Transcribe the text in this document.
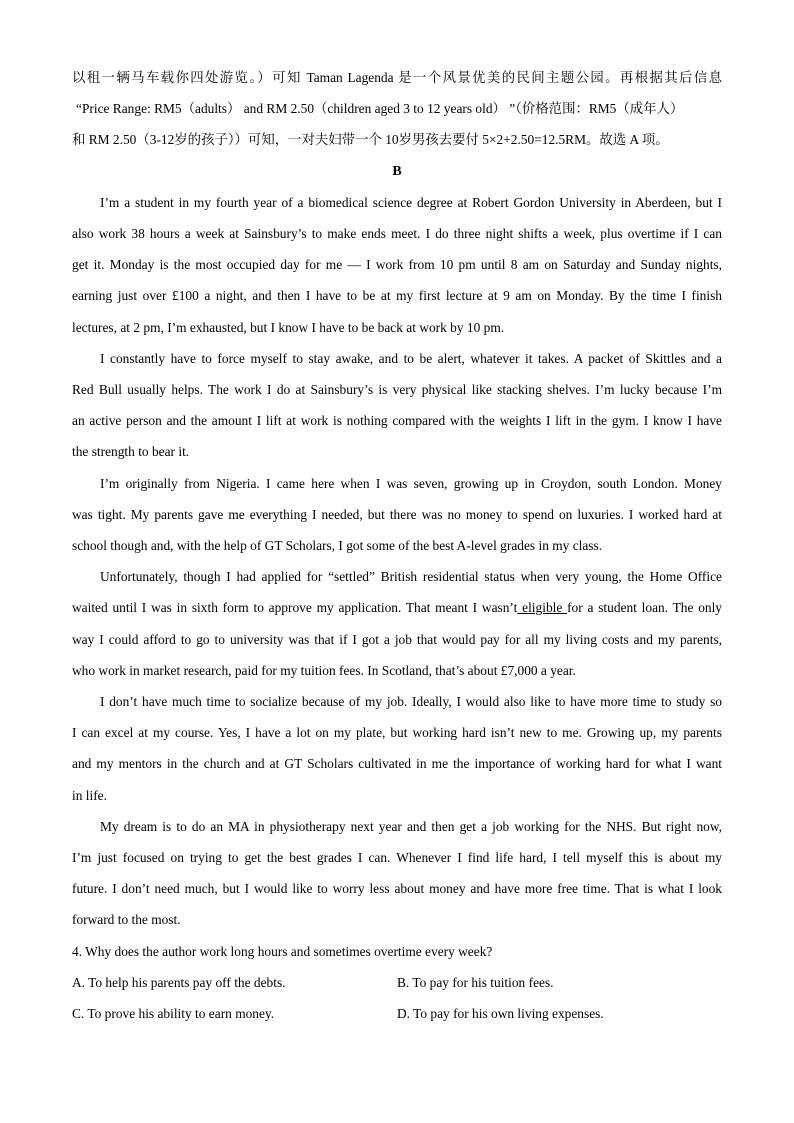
以租一辆马车载你四处游览。）可知 Taman Lagenda 是一个风景优美的民间主题公园。再根据其后信息

“Price Range: RM5（adults） and RM 2.50（children aged 3 to 12 years old） ”（价格范围：RM5（成年人）

和 RM 2.50（3-12岁的孩子））可知，一对夫妇带一个 10岁男孩去要付 5×2+2.50=12.5RM。故选 A 项。

B

I’m a student in my fourth year of a biomedical science degree at Robert Gordon University in Aberdeen, but I

also work 38 hours a week at Sainsbury’s to make ends meet. I do three night shifts a week, plus overtime if I can

get it. Monday is the most occupied day for me — I work from 10 pm until 8 am on Saturday and Sunday nights,

earning just over £100 a night, and then I have to be at my first lecture at 9 am on Monday. By the time I finish

lectures, at 2 pm, I’m exhausted, but I know I have to be back at work by 10 pm.

I constantly have to force myself to stay awake, and to be alert, whatever it takes. A packet of Skittles and a

Red Bull usually helps. The work I do at Sainsbury’s is very physical like stacking shelves. I’m lucky because I’m

an active person and the amount I lift at work is nothing compared with the weights I lift in the gym. I know I have

the strength to bear it.

I’m originally from Nigeria. I came here when I was seven, growing up in Croydon, south London. Money

was tight. My parents gave me everything I needed, but there was no money to spend on luxuries. I worked hard at

school though and, with the help of GT Scholars, I got some of the best A-level grades in my class.

Unfortunately, though I had applied for “settled” British residential status when very young, the Home Office

waited until I was in sixth form to approve my application. That meant I wasn’t eligible for a student loan. The only

way I could afford to go to university was that if I got a job that would pay for all my living costs and my parents,

who work in market research, paid for my tuition fees. In Scotland, that’s about £7,000 a year.

I don’t have much time to socialize because of my job. Ideally, I would also like to have more time to study so

I can excel at my course. Yes, I have a lot on my plate, but working hard isn’t new to me. Growing up, my parents

and my mentors in the church and at GT Scholars cultivated in me the importance of working hard for what I want

in life.

My dream is to do an MA in physiotherapy next year and then get a job working for the NHS. But right now,

I’m just focused on trying to get the best grades I can. Whenever I find life hard, I tell myself this is about my

future. I don’t need much, but I would like to worry less about money and have more free time. That is what I look

forward to the most.

4. Why does the author work long hours and sometimes overtime every week?

A. To help his parents pay off the debts.	B. To pay for his tuition fees.
C. To prove his ability to earn money.	D. To pay for his own living expenses.
